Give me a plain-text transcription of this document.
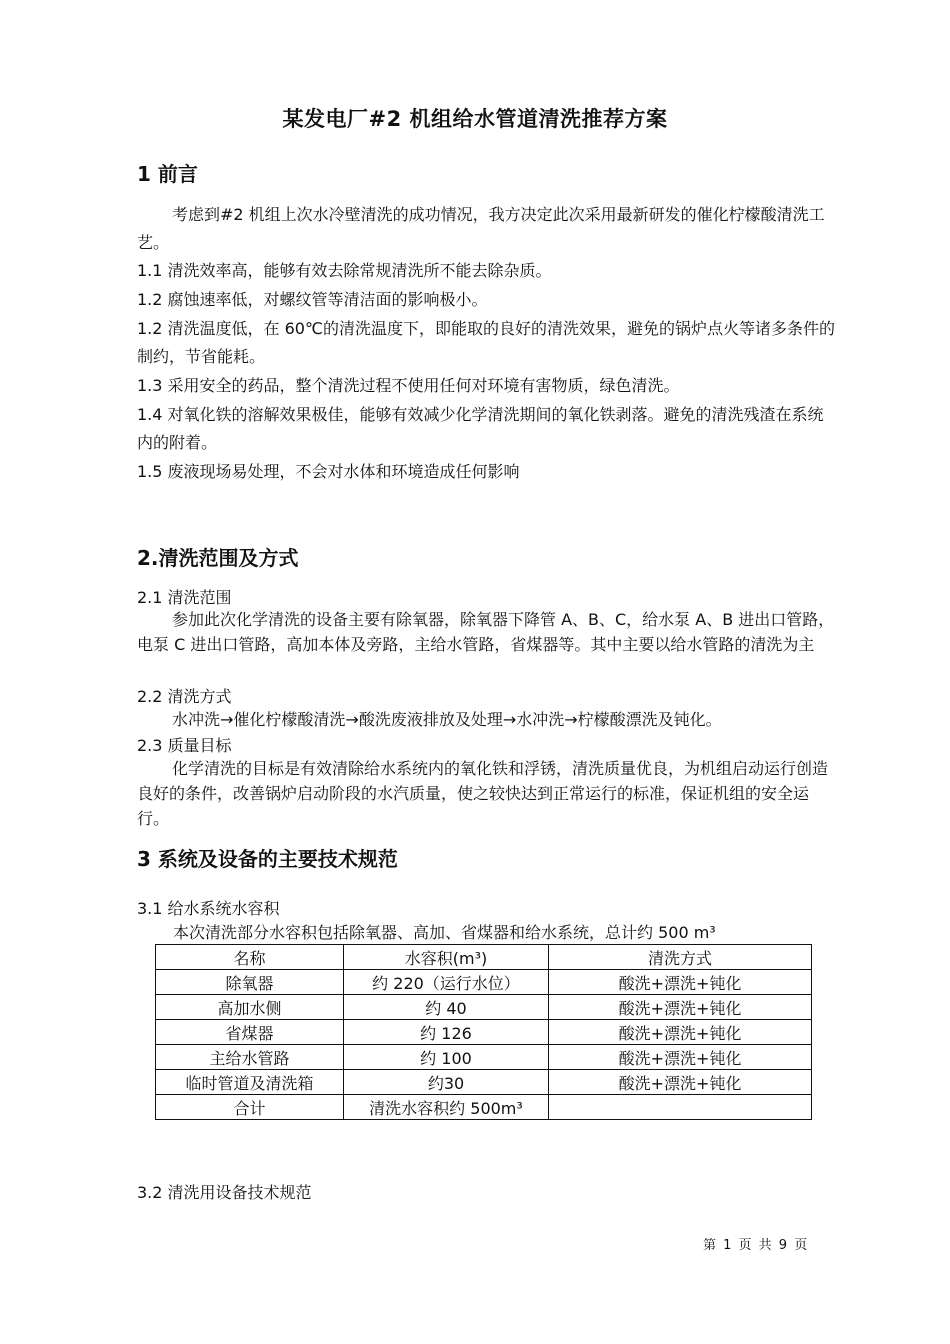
某发电厂#2 机组给水管道清洗推荐方案
1 前言
考虑到#2 机组上次水冷壁清洗的成功情况，我方决定此次采用最新研发的催化柠檬酸清洗工艺。
1.1 清洗效率高，能够有效去除常规清洗所不能去除杂质。
1.2 腐蚀速率低，对螺纹管等清洁面的影响极小。
1.2 清洗温度低，在 60℃的清洗温度下，即能取的良好的清洗效果，避免的锅炉点火等诸多条件的制约，节省能耗。
1.3 采用安全的药品，整个清洗过程不使用任何对环境有害物质，绿色清洗。
1.4 对氧化铁的溶解效果极佳，能够有效减少化学清洗期间的氧化铁剥落。避免的清洗残渣在系统内的附着。
1.5 废液现场易处理，不会对水体和环境造成任何影响
2.清洗范围及方式
2.1 清洗范围
参加此次化学清洗的设备主要有除氧器，除氧器下降管 A、B、C，给水泵 A、B 进出口管路，电泵 C 进出口管路，高加本体及旁路，主给水管路，省煤器等。其中主要以给水管路的清洗为主
2.2 清洗方式
水冲洗→催化柠檬酸清洗→酸洗废液排放及处理→水冲洗→柠檬酸漂洗及钝化。
2.3 质量目标
化学清洗的目标是有效清除给水系统内的氧化铁和浮锈，清洗质量优良，为机组启动运行创造良好的条件，改善锅炉启动阶段的水汽质量，使之较快达到正常运行的标准，保证机组的安全运行。
3 系统及设备的主要技术规范
3.1 给水系统水容积
本次清洗部分水容积包括除氧器、高加、省煤器和给水系统，总计约 500 m³
名称	水容积(m³)	清洗方式
除氧器	约 220（运行水位）	酸洗+漂洗+钝化
高加水侧	约 40	酸洗+漂洗+钝化
省煤器	约 126	酸洗+漂洗+钝化
主给水管路	约 100	酸洗+漂洗+钝化
临时管道及清洗箱	约30	酸洗+漂洗+钝化
合计	清洗水容积约 500m³	
3.2 清洗用设备技术规范
第 1 页 共 9 页
